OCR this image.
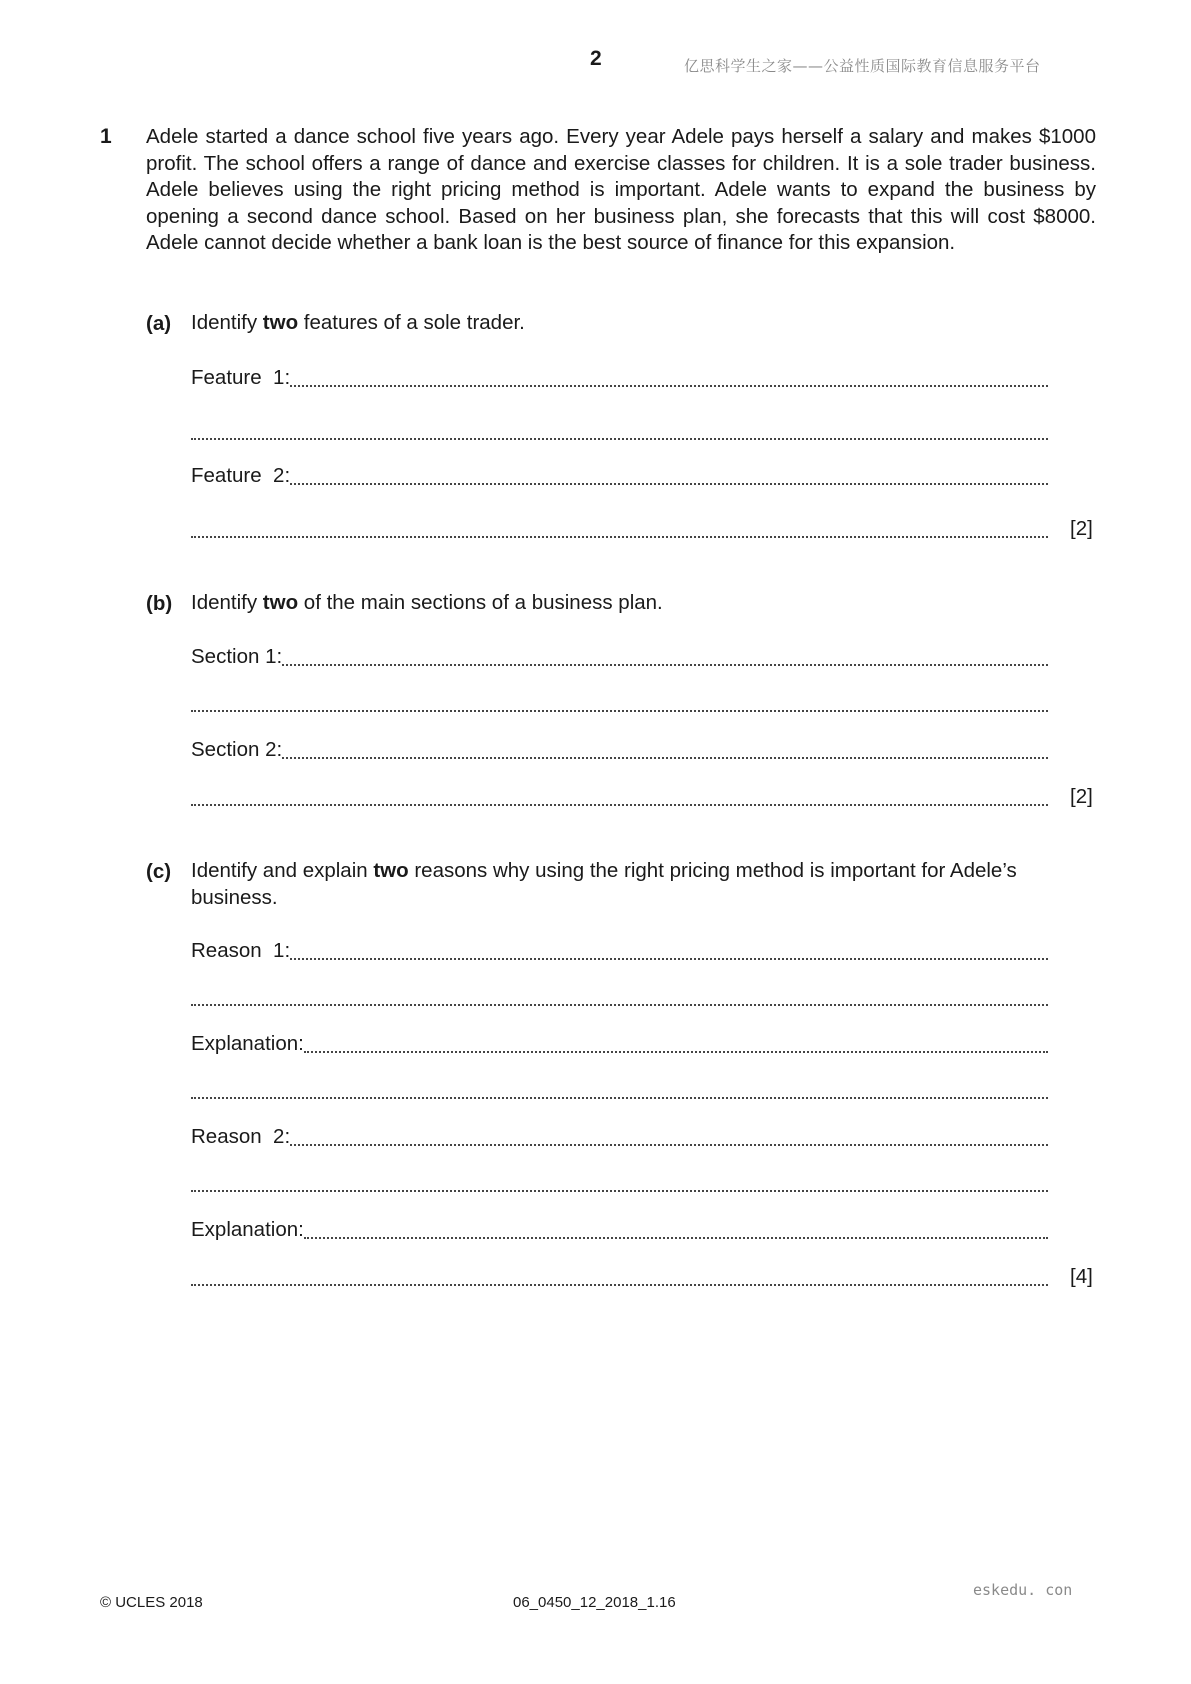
2	亿思科学生之家——公益性质国际教育信息服务平台
1 Adele started a dance school five years ago. Every year Adele pays herself a salary and makes $1000 profit. The school offers a range of dance and exercise classes for children. It is a sole trader business. Adele believes using the right pricing method is important. Adele wants to expand the business by opening a second dance school. Based on her business plan, she forecasts that this will cost $8000. Adele cannot decide whether a bank loan is the best source of finance for this expansion.

(a) Identify two features of a sole trader.
Feature  1:
Feature  2:
[2]
(b) Identify two of the main sections of a business plan.
Section 1:
Section 2:
[2]
(c) Identify and explain two reasons why using the right pricing method is important for Adele’s business.
Reason  1:
Explanation:
Reason  2:
Explanation:
[4]
© UCLES 2018	06_0450_12_2018_1.16
eskedu. con
